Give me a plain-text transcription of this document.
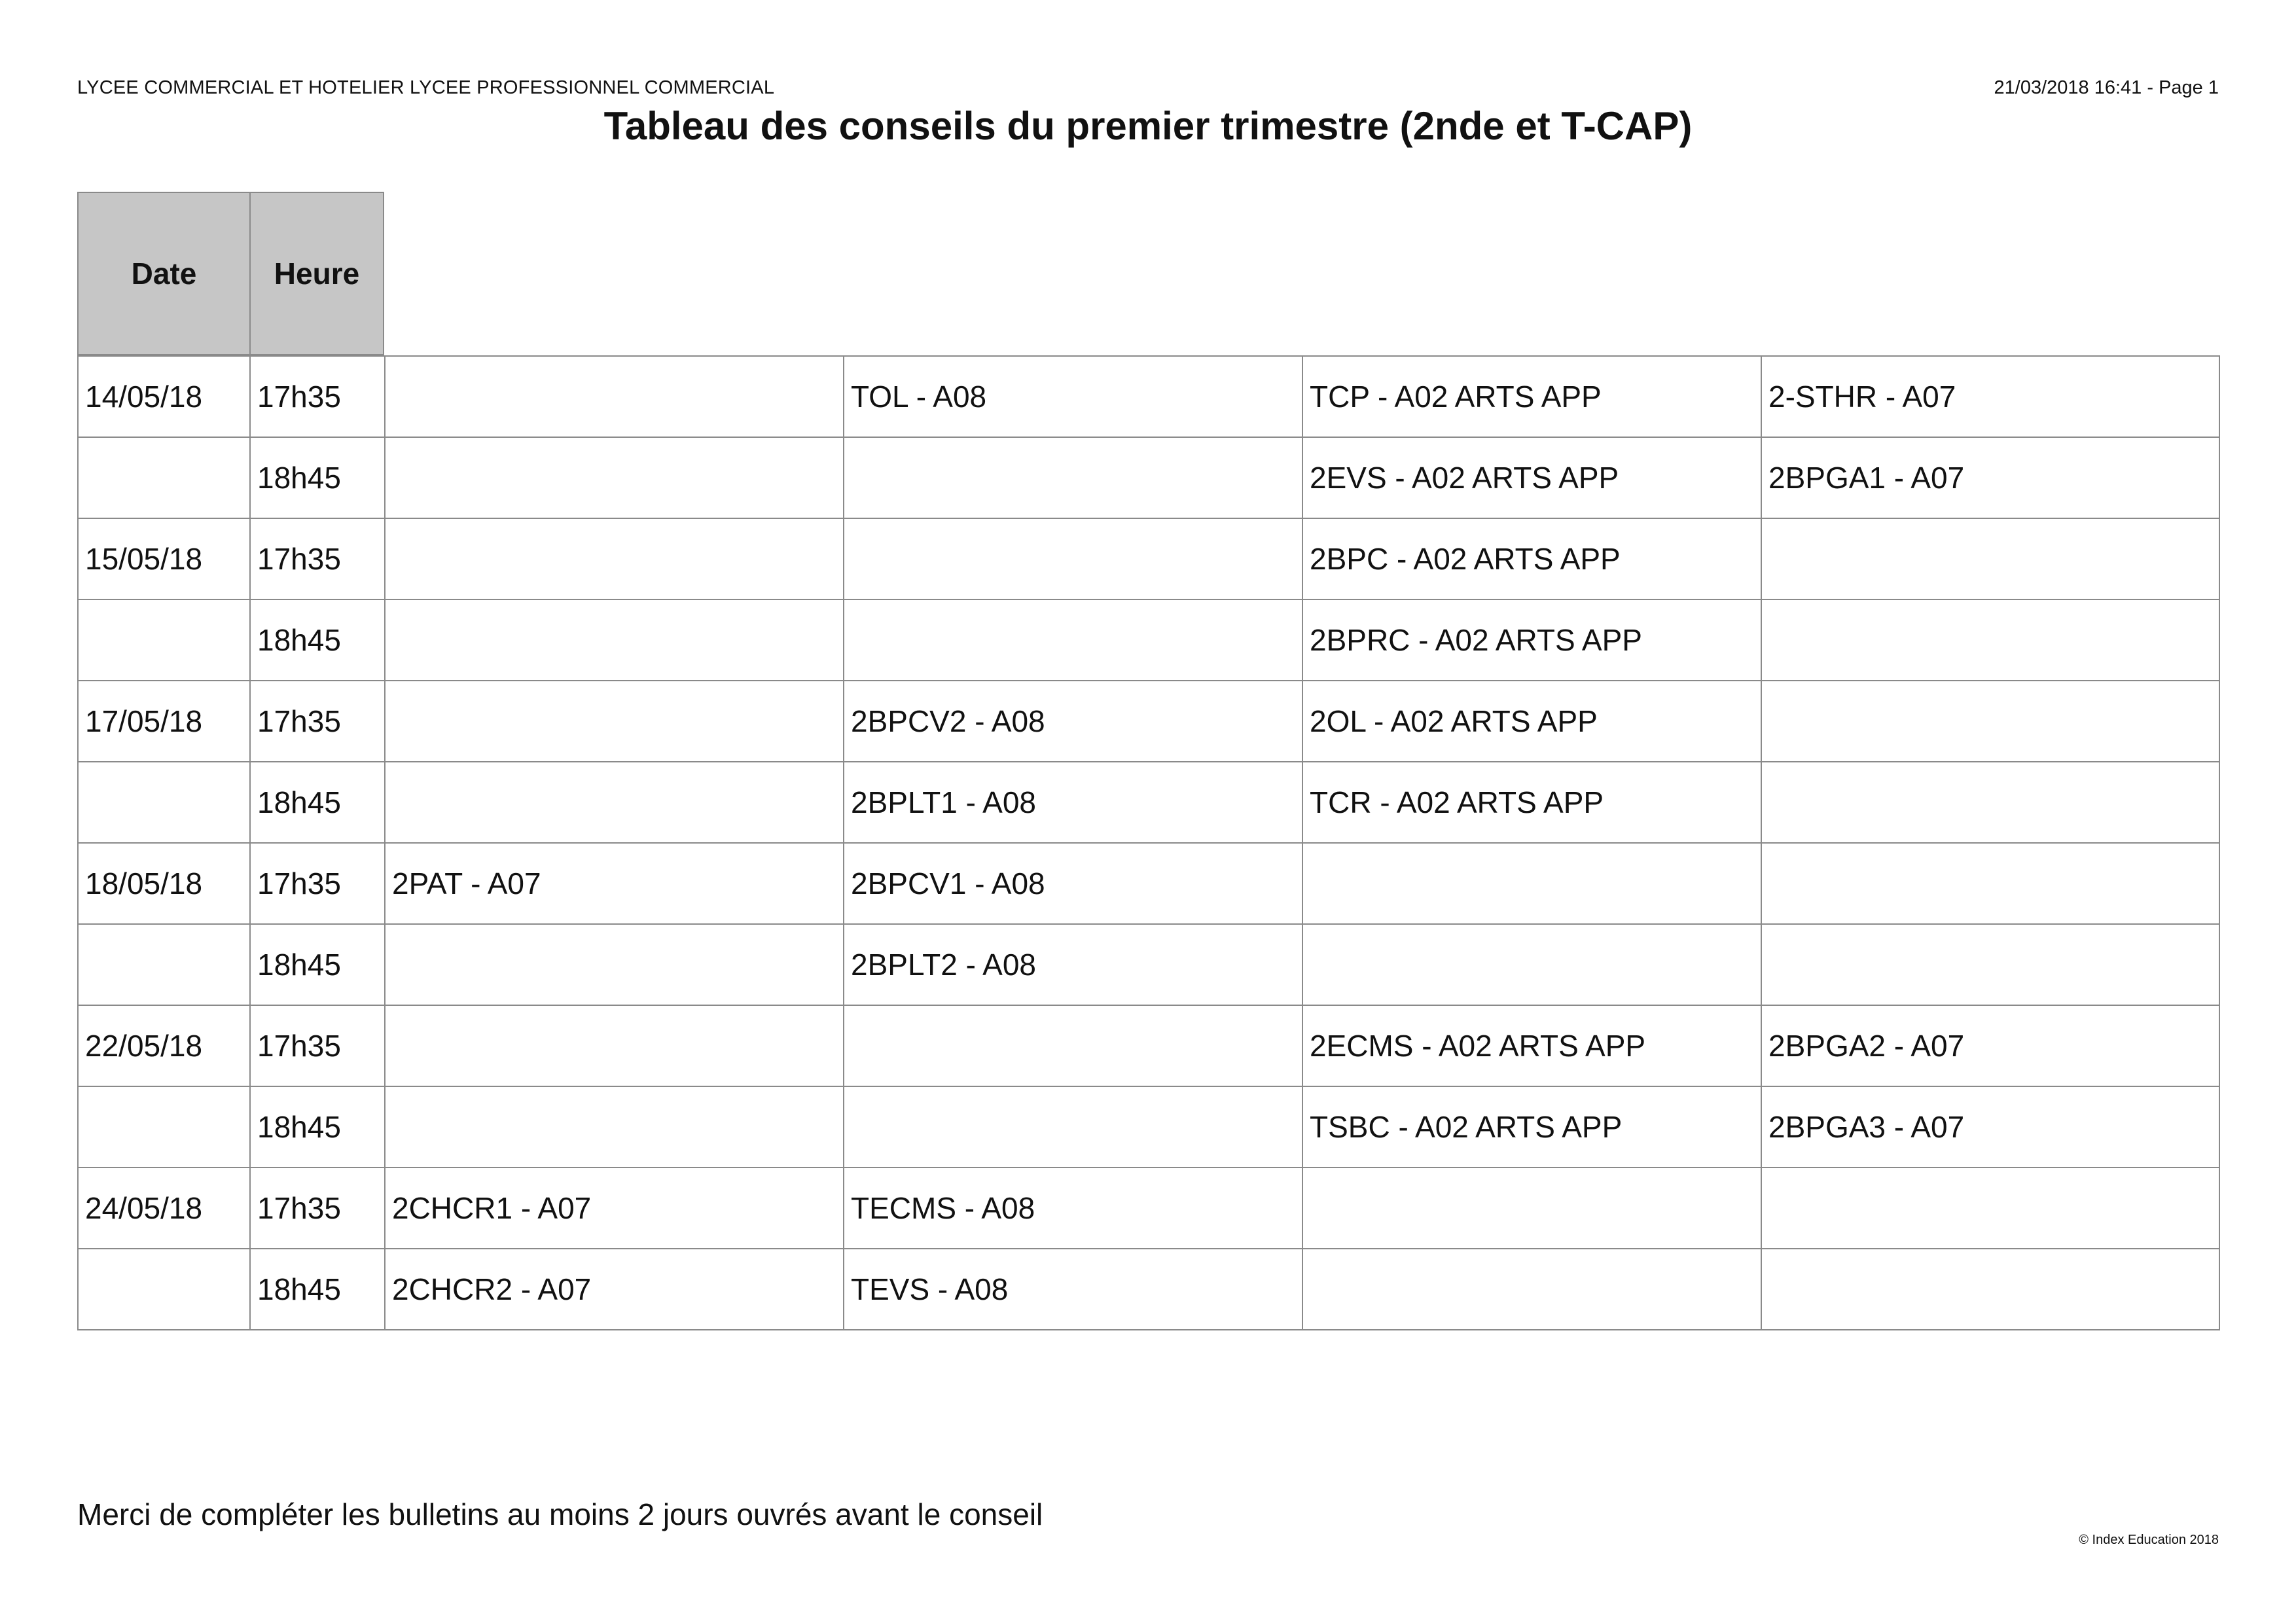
LYCEE COMMERCIAL ET HOTELIER LYCEE PROFESSIONNEL COMMERCIAL	21/03/2018 16:41 - Page 1
Tableau des conseils du premier trimestre (2nde et T-CAP)
Date	Heure
14/05/18	17h35		TOL - A08	TCP - A02 ARTS APP	2-STHR - A07
	18h45			2EVS - A02 ARTS APP	2BPGA1 - A07
15/05/18	17h35			2BPC - A02 ARTS APP	
	18h45			2BPRC - A02 ARTS APP	
17/05/18	17h35		2BPCV2 - A08	2OL - A02 ARTS APP	
	18h45		2BPLT1 - A08	TCR - A02 ARTS APP	
18/05/18	17h35	2PAT - A07	2BPCV1 - A08		
	18h45		2BPLT2 - A08		
22/05/18	17h35			2ECMS - A02 ARTS APP	2BPGA2 - A07
	18h45			TSBC - A02 ARTS APP	2BPGA3 - A07
24/05/18	17h35	2CHCR1 - A07	TECMS - A08		
	18h45	2CHCR2 - A07	TEVS - A08		
Merci de compléter les bulletins au moins 2 jours ouvrés avant le conseil
© Index Education 2018
